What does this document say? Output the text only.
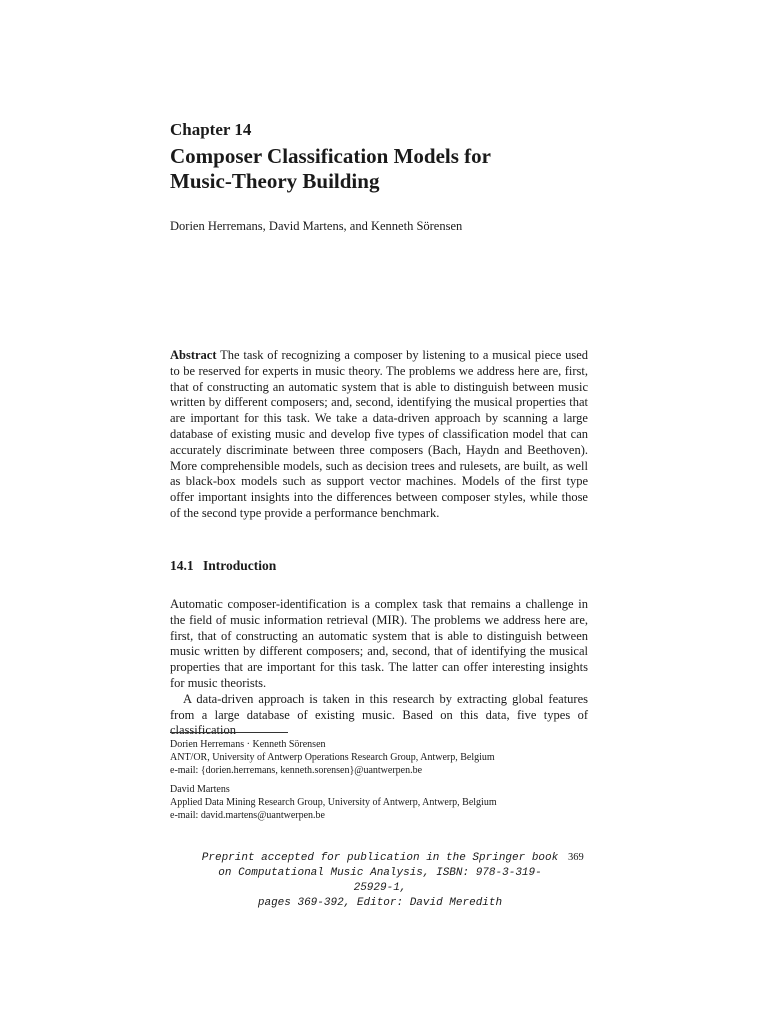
Chapter 14
Composer Classification Models for
Music-Theory Building
Dorien Herremans, David Martens, and Kenneth Sörensen
Abstract The task of recognizing a composer by listening to a musical piece used to be reserved for experts in music theory. The problems we address here are, first, that of constructing an automatic system that is able to distinguish between music written by different composers; and, second, identifying the musical properties that are important for this task. We take a data-driven approach by scanning a large database of existing music and develop five types of classification model that can accurately discriminate between three composers (Bach, Haydn and Beethoven). More comprehensible models, such as decision trees and rulesets, are built, as well as black-box models such as support vector machines. Models of the first type offer important insights into the differences between composer styles, while those of the second type provide a performance benchmark.
14.1 Introduction

Automatic composer-identification is a complex task that remains a challenge in the field of music information retrieval (MIR). The problems we address here are, first, that of constructing an automatic system that is able to distinguish between music written by different composers; and, second, that of identifying the musical properties that are important for this task. The latter can offer interesting insights for music theorists.

A data-driven approach is taken in this research by extracting global features from a large database of existing music. Based on this data, five types of classification

Dorien Herremans · Kenneth Sörensen
ANT/OR, University of Antwerp Operations Research Group, Antwerp, Belgium
e-mail: {dorien.herremans, kenneth.sorensen}@uantwerpen.be
David Martens
Applied Data Mining Research Group, University of Antwerp, Antwerp, Belgium
e-mail: david.martens@uantwerpen.be
Preprint accepted for publication in the Springer book
on Computational Music Analysis, ISBN: 978-3-319-25929-1,
pages 369-392, Editor: David Meredith
369
